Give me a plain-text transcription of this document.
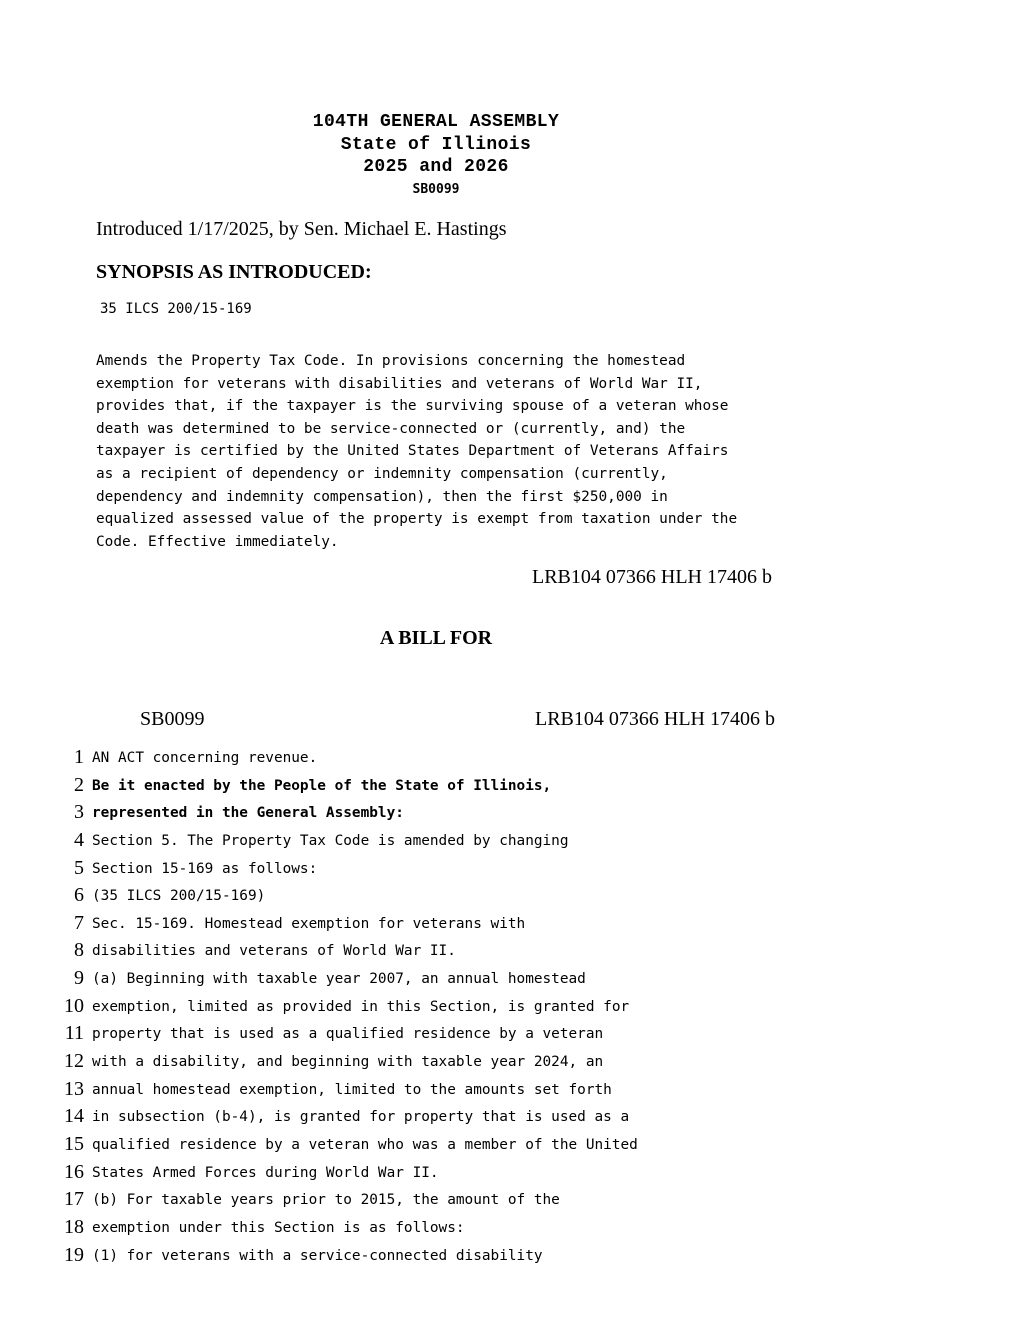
104TH GENERAL ASSEMBLY
State of Illinois
2025 and 2026
SB0099
Introduced 1/17/2025, by Sen. Michael E. Hastings
SYNOPSIS AS INTRODUCED:
35 ILCS 200/15-169
Amends the Property Tax Code. In provisions concerning the homestead
exemption for veterans with disabilities and veterans of World War II,
provides that, if the taxpayer is the surviving spouse of a veteran whose
death was determined to be service-connected or (currently, and) the
taxpayer is certified by the United States Department of Veterans Affairs
as a recipient of dependency or indemnity compensation (currently,
dependency and indemnity compensation), then the first $250,000 in
equalized assessed value of the property is exempt from taxation under the
Code. Effective immediately.
LRB104 07366 HLH 17406 b
A BILL FOR
SB0099	LRB104 07366 HLH 17406 b
1 AN ACT concerning revenue.
2 Be it enacted by the People of the State of Illinois,
3 represented in the General Assembly:
4 Section 5. The Property Tax Code is amended by changing
5 Section 15-169 as follows:
6 (35 ILCS 200/15-169)
7 Sec. 15-169. Homestead exemption for veterans with
8 disabilities and veterans of World War II.
9 (a) Beginning with taxable year 2007, an annual homestead
10 exemption, limited as provided in this Section, is granted for
11 property that is used as a qualified residence by a veteran
12 with a disability, and beginning with taxable year 2024, an
13 annual homestead exemption, limited to the amounts set forth
14 in subsection (b-4), is granted for property that is used as a
15 qualified residence by a veteran who was a member of the United
16 States Armed Forces during World War II.
17 (b) For taxable years prior to 2015, the amount of the
18 exemption under this Section is as follows:
19 (1) for veterans with a service-connected disability
